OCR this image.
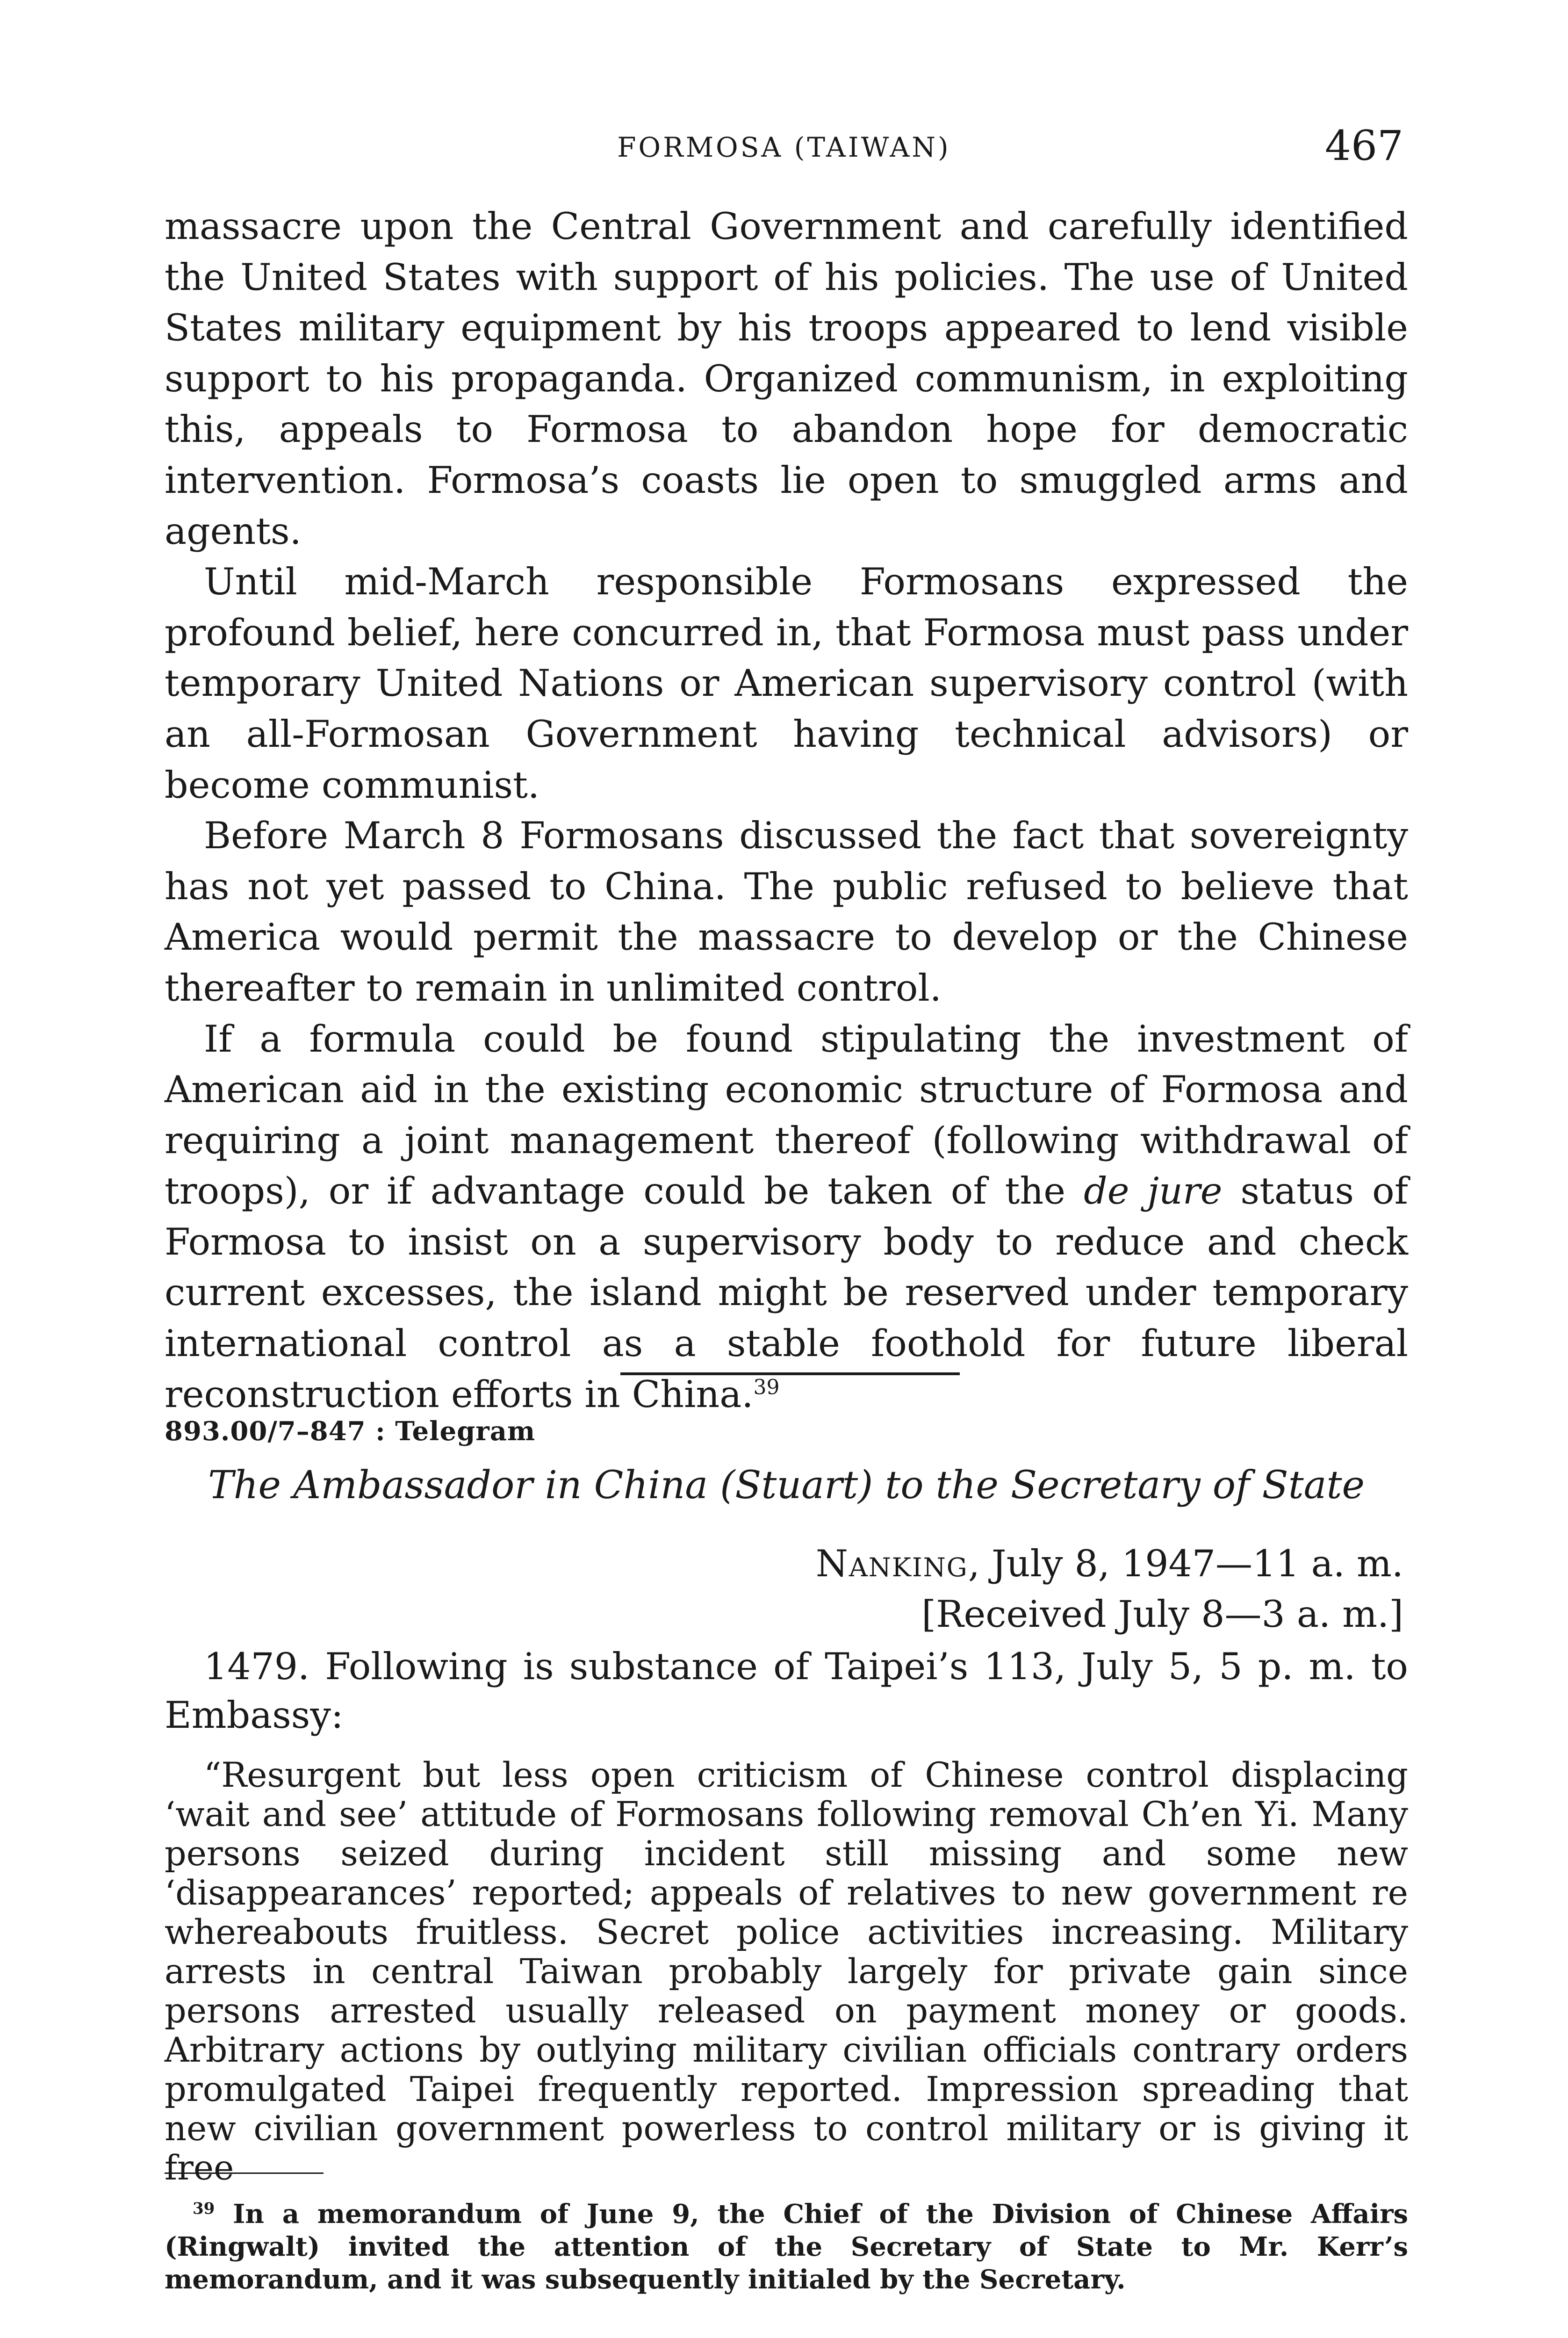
FORMOSA (TAIWAN)	467

massacre upon the Central Government and carefully identified the United States with support of his policies. The use of United States military equipment by his troops appeared to lend visible support to his propaganda. Organized communism, in exploiting this, appeals to Formosa to abandon hope for democratic intervention. Formosa’s coasts lie open to smuggled arms and agents.

Until mid-March responsible Formosans expressed the profound belief, here concurred in, that Formosa must pass under temporary United Nations or American supervisory control (with an all-Formosan Government having technical advisors) or become communist.

Before March 8 Formosans discussed the fact that sovereignty has not yet passed to China. The public refused to believe that America would permit the massacre to develop or the Chinese thereafter to remain in unlimited control.

If a formula could be found stipulating the investment of American aid in the existing economic structure of Formosa and requiring a joint management thereof (following withdrawal of troops), or if advantage could be taken of the de jure status of Formosa to insist on a supervisory body to reduce and check current excesses, the island might be reserved under temporary international control as a stable foothold for future liberal reconstruction efforts in China.$^{39}$

893.00/7–847 : Telegram
The Ambassador in China (Stuart) to the Secretary of State
Nanking, July 8, 1947—11 a. m.
[Received July 8—3 a. m.]

1479. Following is substance of Taipei’s 113, July 5, 5 p. m. to Embassy:

“Resurgent but less open criticism of Chinese control displacing ‘wait and see’ attitude of Formosans following removal Ch’en Yi. Many persons seized during incident still missing and some new ‘disappearances’ reported; appeals of relatives to new government re whereabouts fruitless. Secret police activities increasing. Military arrests in central Taiwan probably largely for private gain since persons arrested usually released on payment money or goods. Arbitrary actions by outlying military civilian officials contrary orders promulgated Taipei frequently reported. Impression spreading that new civilian government powerless to control military or is giving it free

$^{39}$ In a memorandum of June 9, the Chief of the Division of Chinese Affairs (Ringwalt) invited the attention of the Secretary of State to Mr. Kerr’s memorandum, and it was subsequently initialed by the Secretary.
